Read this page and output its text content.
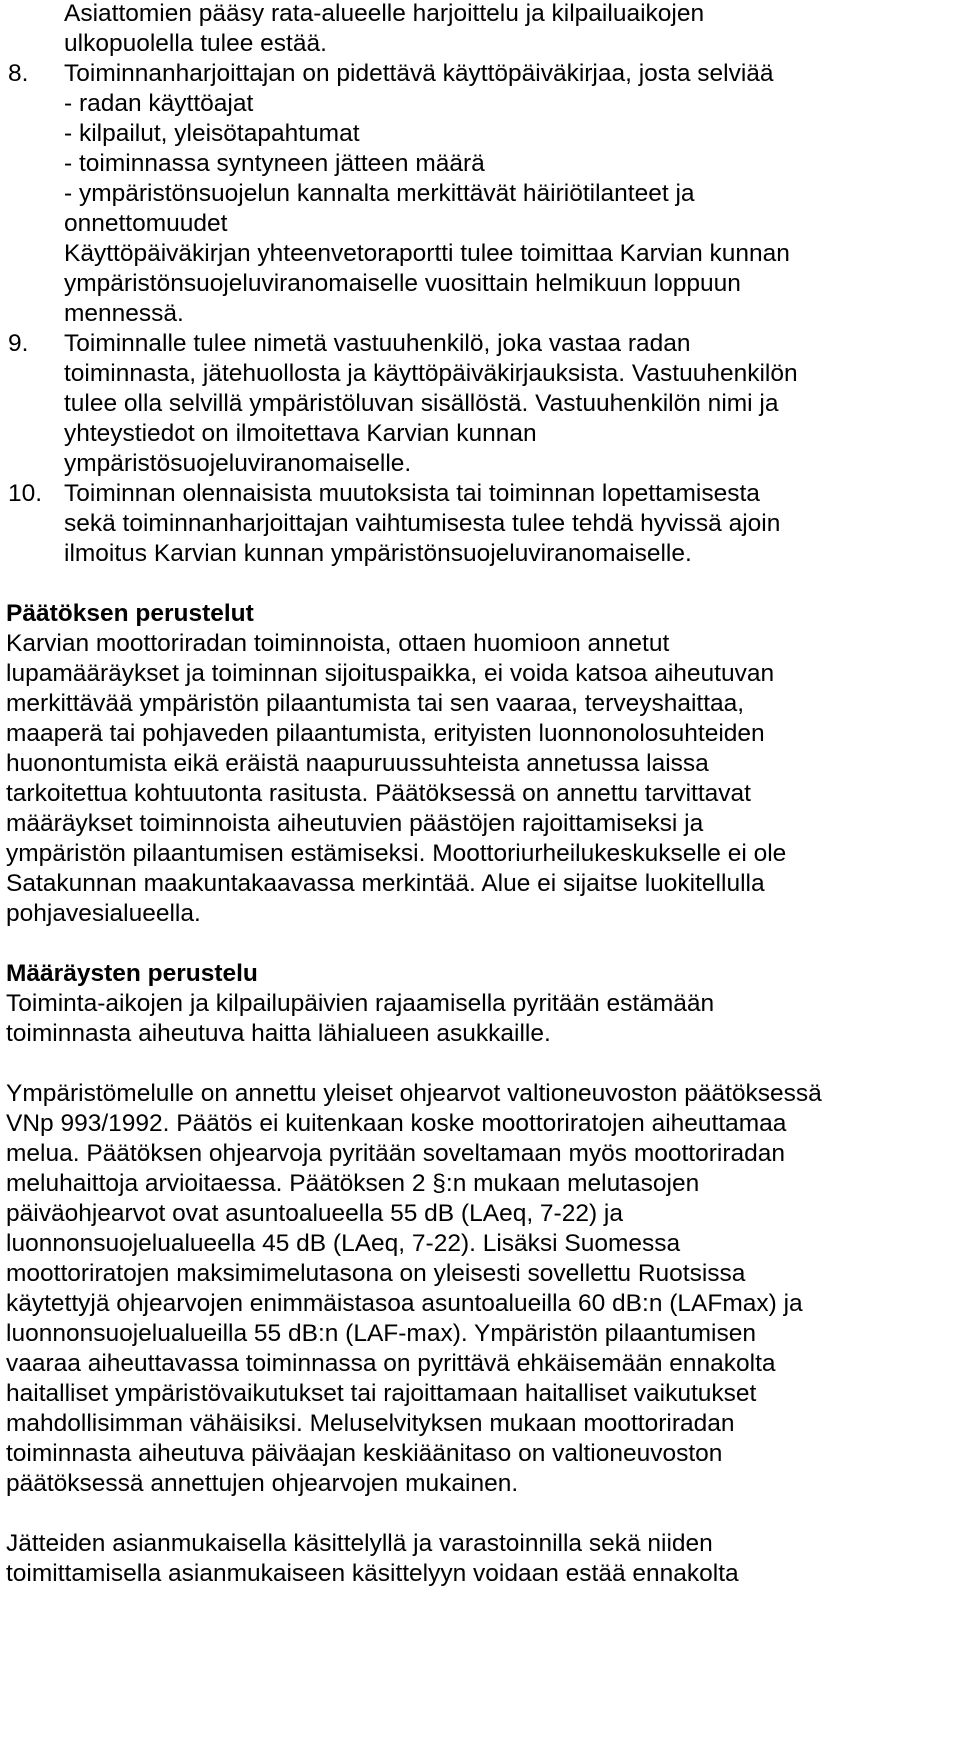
Asiattomien pääsy rata-alueelle harjoittelu ja kilpailuaikojen
ulkopuolella tulee estää.
8. Toiminnanharjoittajan on pidettävä käyttöpäiväkirjaa, josta selviää
- radan käyttöajat
- kilpailut, yleisötapahtumat
- toiminnassa syntyneen jätteen määrä
- ympäristönsuojelun kannalta merkittävät häiriötilanteet ja
onnettomuudet
Käyttöpäiväkirjan yhteenvetoraportti tulee toimittaa Karvian kunnan
ympäristönsuojeluviranomaiselle vuosittain helmikuun loppuun
mennessä.
9. Toiminnalle tulee nimetä vastuuhenkilö, joka vastaa radan
toiminnasta, jätehuollosta ja käyttöpäiväkirjauksista. Vastuuhenkilön
tulee olla selvillä ympäristöluvan sisällöstä. Vastuuhenkilön nimi ja
yhteystiedot on ilmoitettava Karvian kunnan
ympäristösuojeluviranomaiselle.
10. Toiminnan olennaisista muutoksista tai toiminnan lopettamisesta
sekä toiminnanharjoittajan vaihtumisesta tulee tehdä hyvissä ajoin
ilmoitus Karvian kunnan ympäristönsuojeluviranomaiselle.
Päätöksen perustelut
Karvian moottoriradan toiminnoista, ottaen huomioon annetut
lupamääräykset ja toiminnan sijoituspaikka, ei voida katsoa aiheutuvan
merkittävää ympäristön pilaantumista tai sen vaaraa, terveyshaittaa,
maaperä tai pohjaveden pilaantumista, erityisten luonnonolosuhteiden
huonontumista eikä eräistä naapuruussuhteista annetussa laissa
tarkoitettua kohtuutonta rasitusta. Päätöksessä on annettu tarvittavat
määräykset toiminnoista aiheutuvien päästöjen rajoittamiseksi ja
ympäristön pilaantumisen estämiseksi. Moottoriurheilukeskukselle ei ole
Satakunnan maakuntakaavassa merkintää. Alue ei sijaitse luokitellulla
pohjavesialueella.
Määräysten perustelu
Toiminta-aikojen ja kilpailupäivien rajaamisella pyritään estämään
toiminnasta aiheutuva haitta lähialueen asukkaille.
Ympäristömelulle on annettu yleiset ohjearvot valtioneuvoston päätöksessä
VNp 993/1992. Päätös ei kuitenkaan koske moottoriratojen aiheuttamaa
melua. Päätöksen ohjearvoja pyritään soveltamaan myös moottoriradan
meluhaittoja arvioitaessa. Päätöksen 2 §:n mukaan melutasojen
päiväohjearvot ovat asuntoalueella 55 dB (LAeq, 7-22) ja
luonnonsuojelualueella 45 dB (LAeq, 7-22). Lisäksi Suomessa
moottoriratojen maksimimelutasona on yleisesti sovellettu Ruotsissa
käytettyjä ohjearvojen enimmäistasoa asuntoalueilla 60 dB:n (LAFmax) ja
luonnonsuojelualueilla 55 dB:n (LAF-max). Ympäristön pilaantumisen
vaaraa aiheuttavassa toiminnassa on pyrittävä ehkäisemään ennakolta
haitalliset ympäristövaikutukset tai rajoittamaan haitalliset vaikutukset
mahdollisimman vähäisiksi. Meluselvityksen mukaan moottoriradan
toiminnasta aiheutuva päiväajan keskiäänitaso on valtioneuvoston
päätöksessä annettujen ohjearvojen mukainen.
Jätteiden asianmukaisella käsittelyllä ja varastoinnilla sekä niiden
toimittamisella asianmukaiseen käsittelyyn voidaan estää ennakolta
